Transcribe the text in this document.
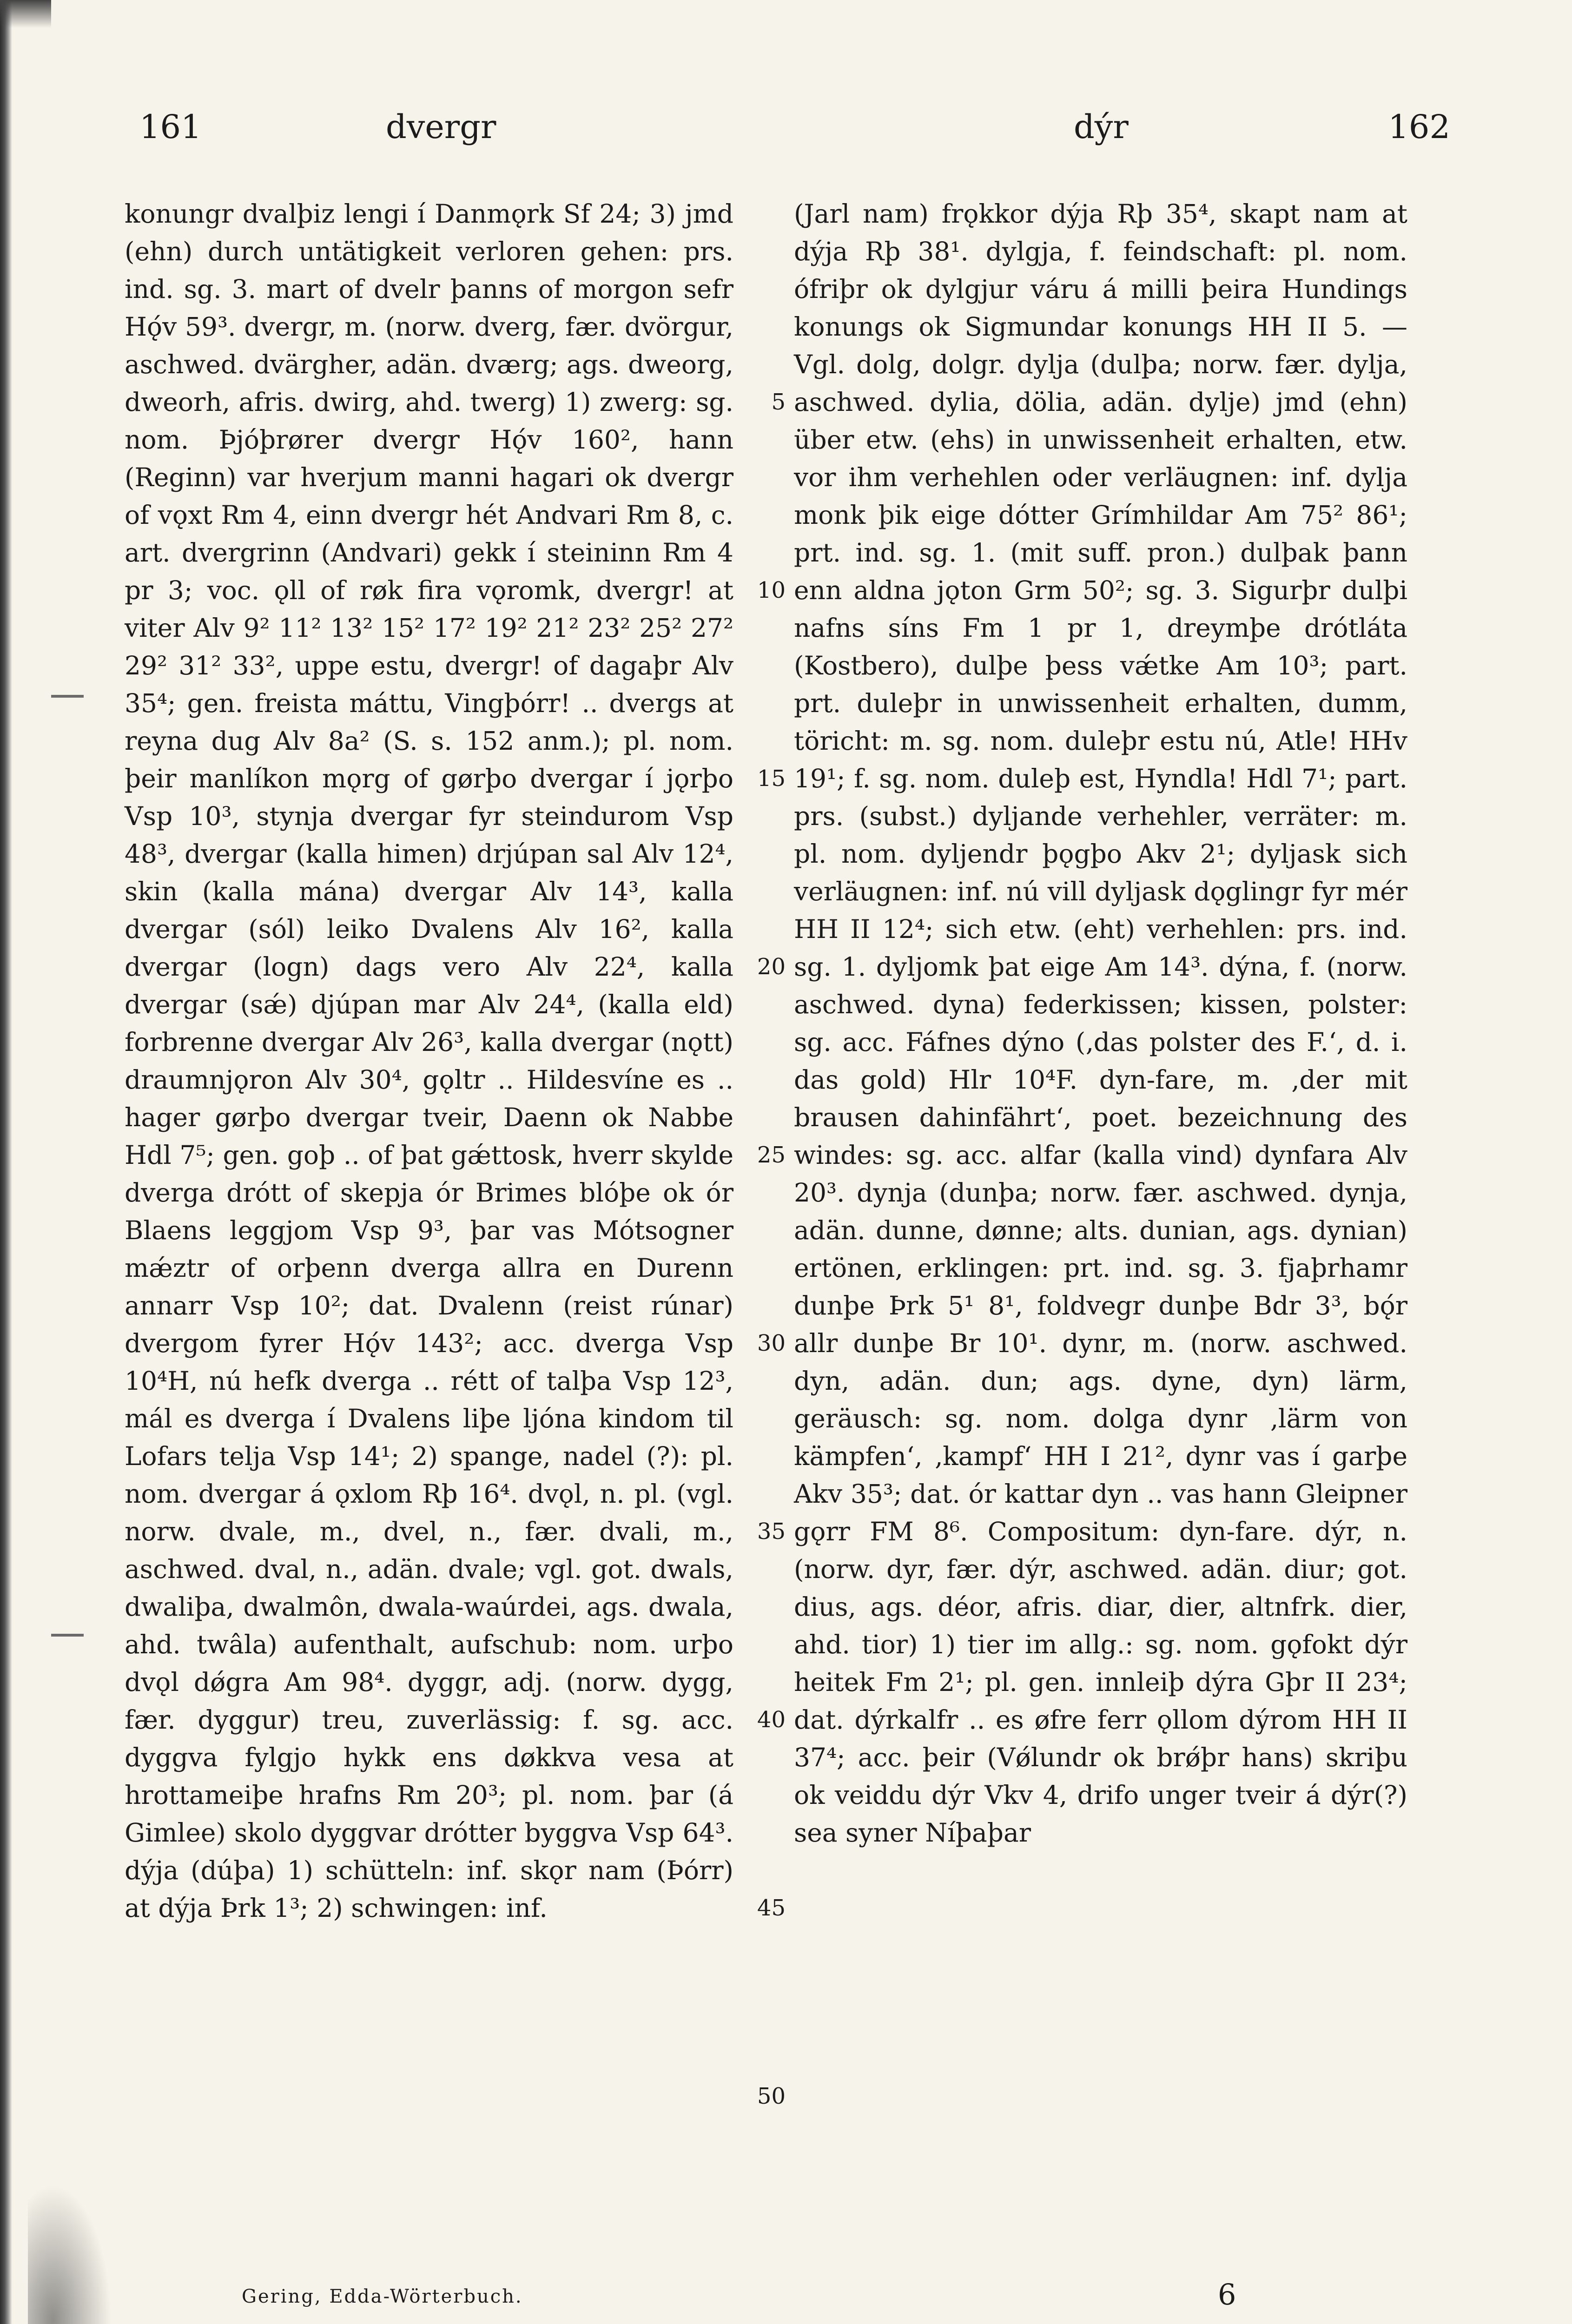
161	dvergr	dýr	162

konungr dvalþiz lengi í Danmǫrk Sf 24; 3) jmd (ehn) durch untätigkeit verloren gehen: prs. ind. sg. 3. mart of dvelr þanns of morgon sefr Hǫ́v 59³. dvergr, m. (norw. dverg, fær. dvörgur, aschwed. dvärgher, adän. dværg; ags. dweorg, dweorh, afris. dwirg, ahd. twerg) 1) zwerg: sg. nom. Þjóþrører dvergr Hǫ́v 160², hann (Reginn) var hverjum manni hagari ok dvergr of vǫxt Rm 4, einn dvergr hét Andvari Rm 8, c. art. dvergrinn (Andvari) gekk í steininn Rm 4 pr 3; voc. ǫll of røk fira vǫromk, dvergr! at viter Alv 9² 11² 13² 15² 17² 19² 21² 23² 25² 27² 29² 31² 33², uppe estu, dvergr! of dagaþr Alv 35⁴; gen. freista máttu, Vingþórr! .. dvergs at reyna dug Alv 8a² (S. s. 152 anm.); pl. nom. þeir manlíkon mǫrg of gørþo dvergar í jǫrþo Vsp 10³, stynja dvergar fyr steindurom Vsp 48³, dvergar (kalla himen) drjúpan sal Alv 12⁴, skin (kalla mána) dvergar Alv 14³, kalla dvergar (sól) leiko Dvalens Alv 16², kalla dvergar (logn) dags vero Alv 22⁴, kalla dvergar (sǽ) djúpan mar Alv 24⁴, (kalla eld) forbrenne dvergar Alv 26³, kalla dvergar (nǫtt) draumnjǫron Alv 30⁴, gǫltr .. Hildesvíne es .. hager gørþo dvergar tveir, Daenn ok Nabbe Hdl 7⁵; gen. goþ .. of þat gǽttosk, hverr skylde dverga drótt of skepja ór Brimes blóþe ok ór Blaens leggjom Vsp 9³, þar vas Mótsogner mǽztr of orþenn dverga allra en Durenn annarr Vsp 10²; dat. Dvalenn (reist rúnar) dvergom fyrer Hǫ́v 143²; acc. dverga Vsp 10⁴H, nú hefk dverga .. rétt of talþa Vsp 12³, mál es dverga í Dvalens liþe ljóna kindom til Lofars telja Vsp 14¹; 2) spange, nadel (?): pl. nom. dvergar á ǫxlom Rþ 16⁴. dvǫl, n. pl. (vgl. norw. dvale, m., dvel, n., fær. dvali, m., aschwed. dval, n., adän. dvale; vgl. got. dwals, dwaliþa, dwalmôn, dwala-waúrdei, ags. dwala, ahd. twâla) aufenthalt, aufschub: nom. urþo dvǫl dǿgra Am 98⁴. dyggr, adj. (norw. dygg, fær. dyggur) treu, zuverlässig: f. sg. acc. dyggva fylgjo hykk ens døkkva vesa at hrottameiþe hrafns Rm 20³; pl. nom. þar (á Gimlee) skolo dyggvar drótter byggva Vsp 64³. dýja (dúþa) 1) schütteln: inf. skǫr nam (Þórr) at dýja Þrk 1³; 2) schwingen: inf.

5
10
15
20
25
30
35
40
45
50

(Jarl nam) frǫkkor dýja Rþ 35⁴, skapt nam at dýja Rþ 38¹. dylgja, f. feindschaft: pl. nom. ófriþr ok dylgjur váru á milli þeira Hundings konungs ok Sigmundar konungs HH II 5. — Vgl. dolg, dolgr. dylja (dulþa; norw. fær. dylja, aschwed. dylia, dölia, adän. dylje) jmd (ehn) über etw. (ehs) in unwissenheit erhalten, etw. vor ihm verhehlen oder verläugnen: inf. dylja monk þik eige dótter Grímhildar Am 75² 86¹; prt. ind. sg. 1. (mit suff. pron.) dulþak þann enn aldna jǫton Grm 50²; sg. 3. Sigurþr dulþi nafns síns Fm 1 pr 1, dreymþe drótláta (Kostbero), dulþe þess vǽtke Am 10³; part. prt. duleþr in unwissenheit erhalten, dumm, töricht: m. sg. nom. duleþr estu nú, Atle! HHv 19¹; f. sg. nom. duleþ est, Hyndla! Hdl 7¹; part. prs. (subst.) dyljande verhehler, verräter: m. pl. nom. dyljendr þǫgþo Akv 2¹; dyljask sich verläugnen: inf. nú vill dyljask dǫglingr fyr mér HH II 12⁴; sich etw. (eht) verhehlen: prs. ind. sg. 1. dyljomk þat eige Am 14³. dýna, f. (norw. aschwed. dyna) federkissen; kissen, polster: sg. acc. Fáfnes dýno (‚das polster des F.‘, d. i. das gold) Hlr 10⁴F. dyn-fare, m. ‚der mit brausen dahinfährt‘, poet. bezeichnung des windes: sg. acc. alfar (kalla vind) dynfara Alv 20³. dynja (dunþa; norw. fær. aschwed. dynja, adän. dunne, dønne; alts. dunian, ags. dynian) ertönen, erklingen: prt. ind. sg. 3. fjaþrhamr dunþe Þrk 5¹ 8¹, foldvegr dunþe Bdr 3³, bǫ́r allr dunþe Br 10¹. dynr, m. (norw. aschwed. dyn, adän. dun; ags. dyne, dyn) lärm, geräusch: sg. nom. dolga dynr ‚lärm von kämpfen‘, ‚kampf‘ HH I 21², dynr vas í garþe Akv 35³; dat. ór kattar dyn .. vas hann Gleipner gǫrr FM 8⁶. Compositum: dyn-fare. dýr, n. (norw. dyr, fær. dýr, aschwed. adän. diur; got. dius, ags. déor, afris. diar, dier, altnfrk. dier, ahd. tior) 1) tier im allg.: sg. nom. gǫfokt dýr heitek Fm 2¹; pl. gen. innleiþ dýra Gþr II 23⁴; dat. dýrkalfr .. es øfre ferr ǫllom dýrom HH II 37⁴; acc. þeir (Vǿlundr ok brǿþr hans) skriþu ok veiddu dýr Vkv 4, drifo unger tveir á dýr(?) sea syner Níþaþar

Gering, Edda-Wörterbuch.	6
